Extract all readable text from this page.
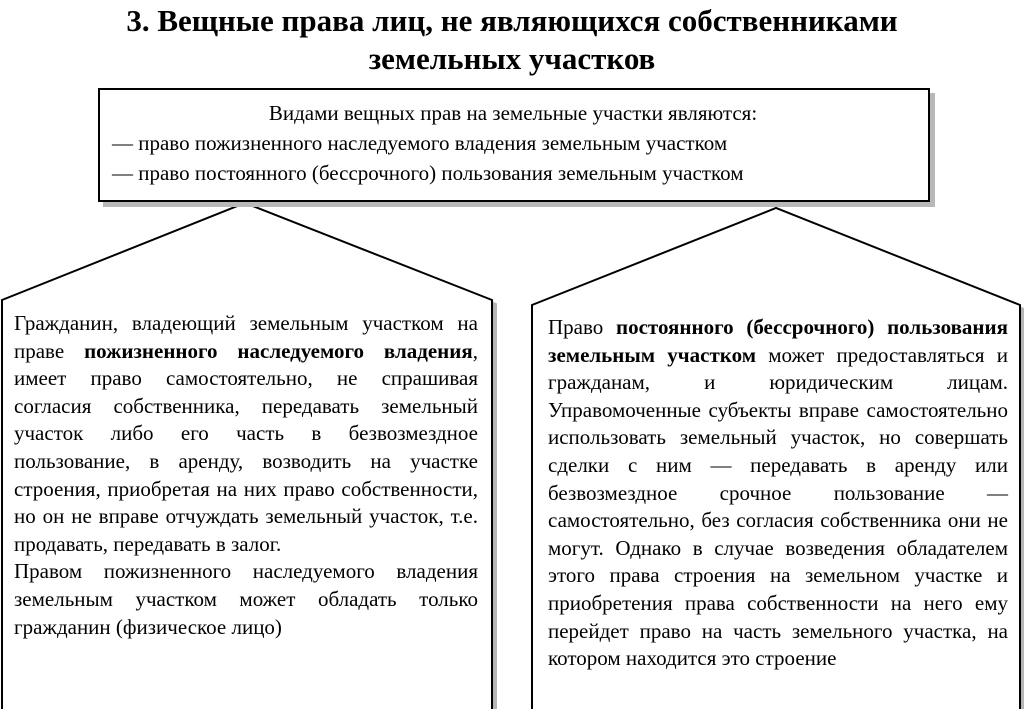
3. Вещные права лиц, не являющихся собственниками
земельных участков
Видами вещных прав на земельные участки являются:
— право пожизненного наследуемого владения земельным участком
— право постоянного (бессрочного) пользования земельным участком

Гражданин, владеющий земельным участком на праве пожизненного наследуемого владения, имеет право самостоятельно, не спрашивая согласия собственника, передавать земельный участок либо его часть в безвозмездное пользование, в аренду, возводить на участке строения, приобретая на них право собственности, но он не вправе отчуждать земельный участок, т.е. продавать, передавать в залог.

Правом пожизненного наследуемого владения земельным участком может обладать только гражданин (физическое лицо)

Право постоянного (бессрочного) пользования земельным участком может предоставляться и гражданам, и юридическим лицам. Управомоченные субъекты вправе самостоятельно использовать земельный участок, но совершать сделки с ним — передавать в аренду или безвозмездное срочное пользование — самостоятельно, без согласия собственника они не могут. Однако в случае возведения обладателем этого права строения на земельном участке и приобретения права собственности на него ему перейдет право на часть земельного участка, на котором находится это строение
